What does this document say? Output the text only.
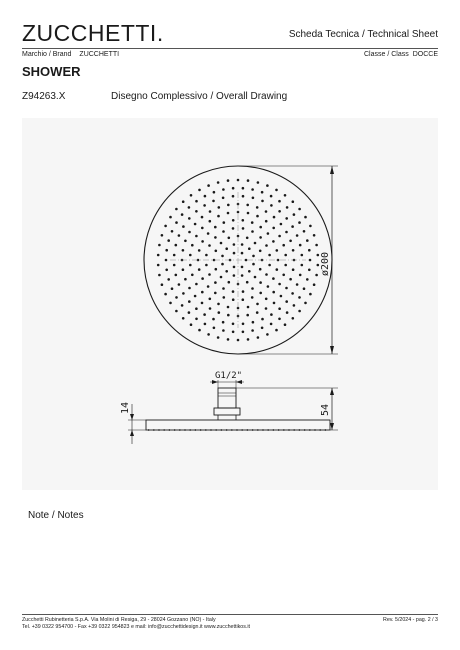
ZUCCHETTI.	Scheda Tecnica / Technical Sheet
Marchio / Brand ZUCCHETTI	Classe / Class DOCCE
SHOWER
Z94263.X	Disegno Complessivo / Overall Drawing
ø200
G1/2"
14	54
Note / Notes
Zucchetti Rubinetteria S.p.A. Via Molini di Resiga, 29 - 28024 Gozzano (NO) - Italy
Tel. +39 0322 954700 - Fax +39 0322 954823 e mail: info@zucchettidesign.it www.zucchettikos.it
Rev. 5/2024 - pag. 2 / 3
